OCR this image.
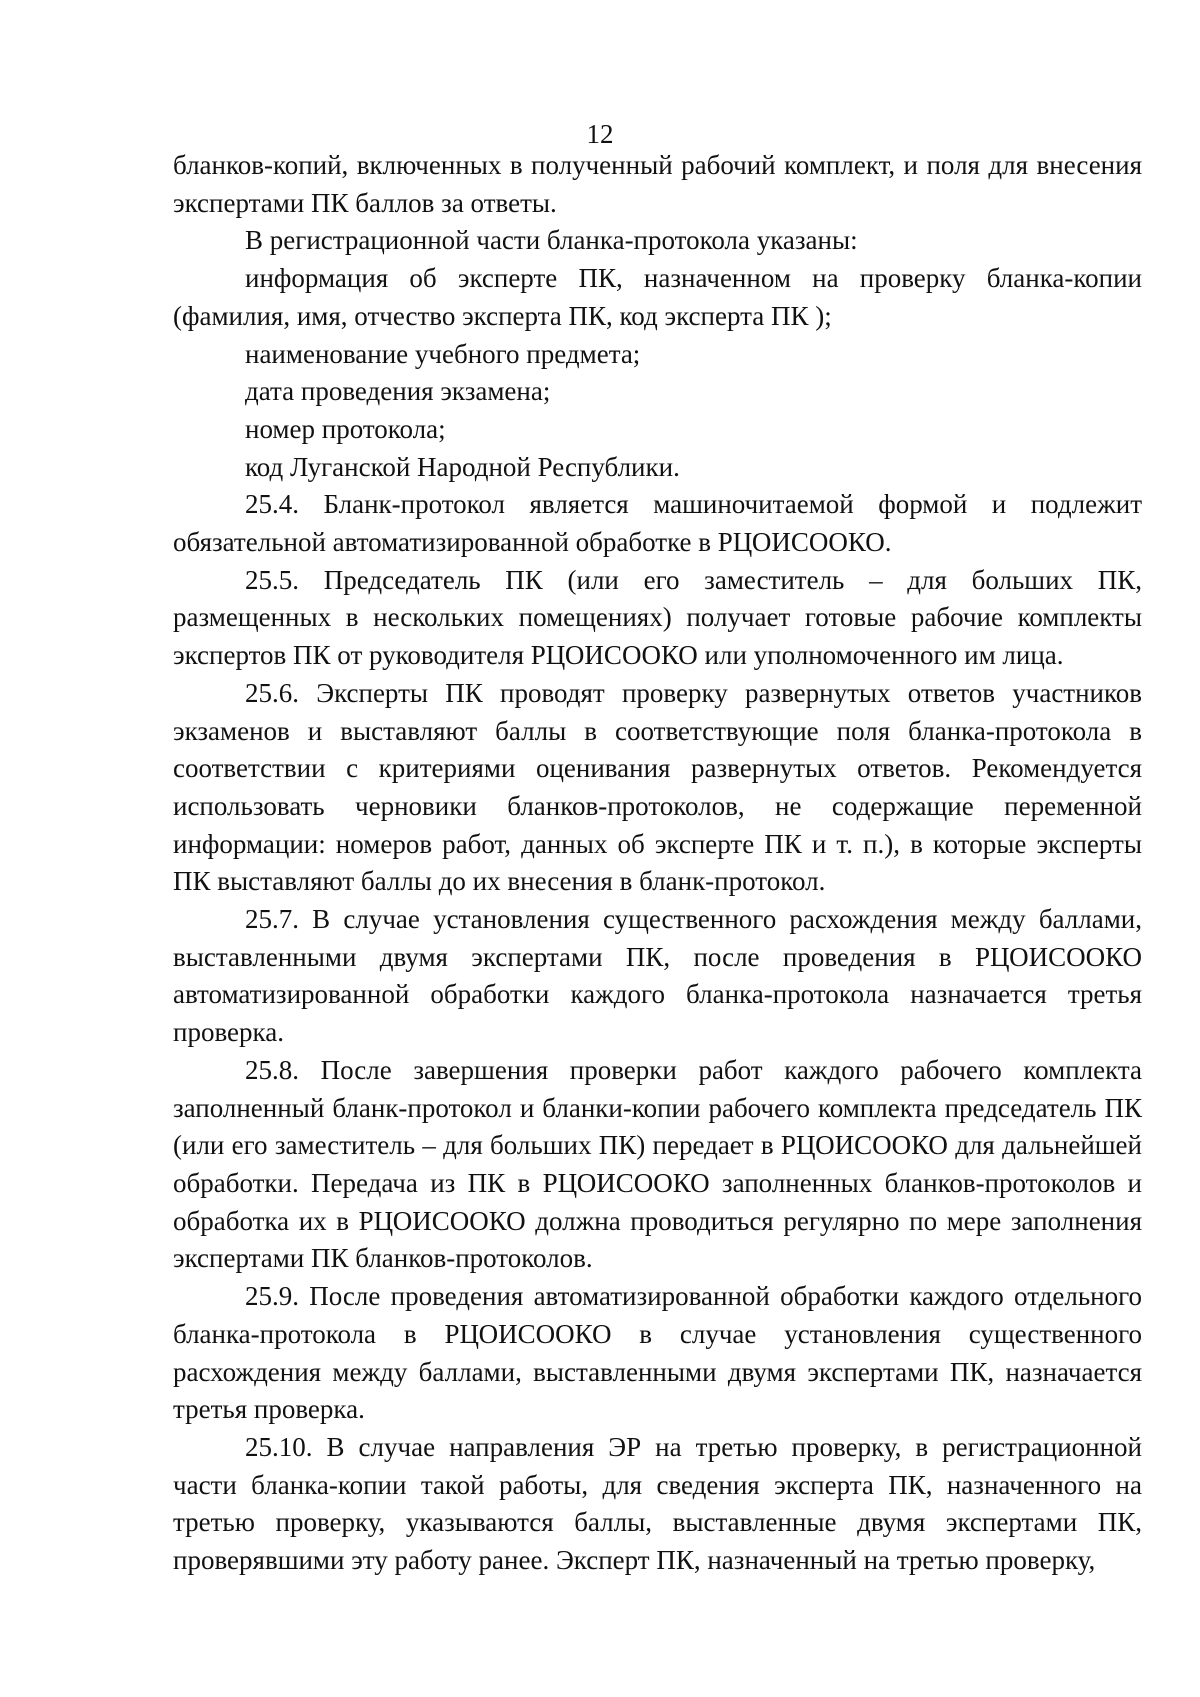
12

бланков-копий, включенных в полученный рабочий комплект, и поля для внесения экспертами ПК баллов за ответы.

В регистрационной части бланка-протокола указаны:

информация об эксперте ПК, назначенном на проверку бланка-копии (фамилия, имя, отчество эксперта ПК, код эксперта ПК );

наименование учебного предмета;

дата проведения экзамена;

номер протокола;

код Луганской Народной Республики.

25.4. Бланк-протокол является машиночитаемой формой и подлежит обязательной автоматизированной обработке в РЦОИСООКО.

25.5. Председатель ПК (или его заместитель – для больших ПК, размещенных в нескольких помещениях) получает готовые рабочие комплекты экспертов ПК от руководителя РЦОИСООКО или уполномоченного им лица.

25.6. Эксперты ПК проводят проверку развернутых ответов участников экзаменов и выставляют баллы в соответствующие поля бланка-протокола в соответствии с критериями оценивания развернутых ответов. Рекомендуется использовать черновики бланков-протоколов, не содержащие переменной информации: номеров работ, данных об эксперте ПК и т. п.), в которые эксперты ПК выставляют баллы до их внесения в бланк-протокол.

25.7. В случае установления существенного расхождения между баллами, выставленными двумя экспертами ПК, после проведения в РЦОИСООКО автоматизированной обработки каждого бланка-протокола назначается третья проверка.

25.8. После завершения проверки работ каждого рабочего комплекта заполненный бланк-протокол и бланки-копии рабочего комплекта председатель ПК (или его заместитель – для больших ПК) передает в РЦОИСООКО для дальнейшей обработки. Передача из ПК в РЦОИСООКО заполненных бланков-протоколов и обработка их в РЦОИСООКО должна проводиться регулярно по мере заполнения экспертами ПК бланков-протоколов.

25.9. После проведения автоматизированной обработки каждого отдельного бланка-протокола в РЦОИСООКО в случае установления существенного расхождения между баллами, выставленными двумя экспертами ПК, назначается третья проверка.

25.10. В случае направления ЭР на третью проверку, в регистрационной части бланка-копии такой работы, для сведения эксперта ПК, назначенного на третью проверку, указываются баллы, выставленные двумя экспертами ПК, проверявшими эту работу ранее. Эксперт ПК, назначенный на третью проверку,
